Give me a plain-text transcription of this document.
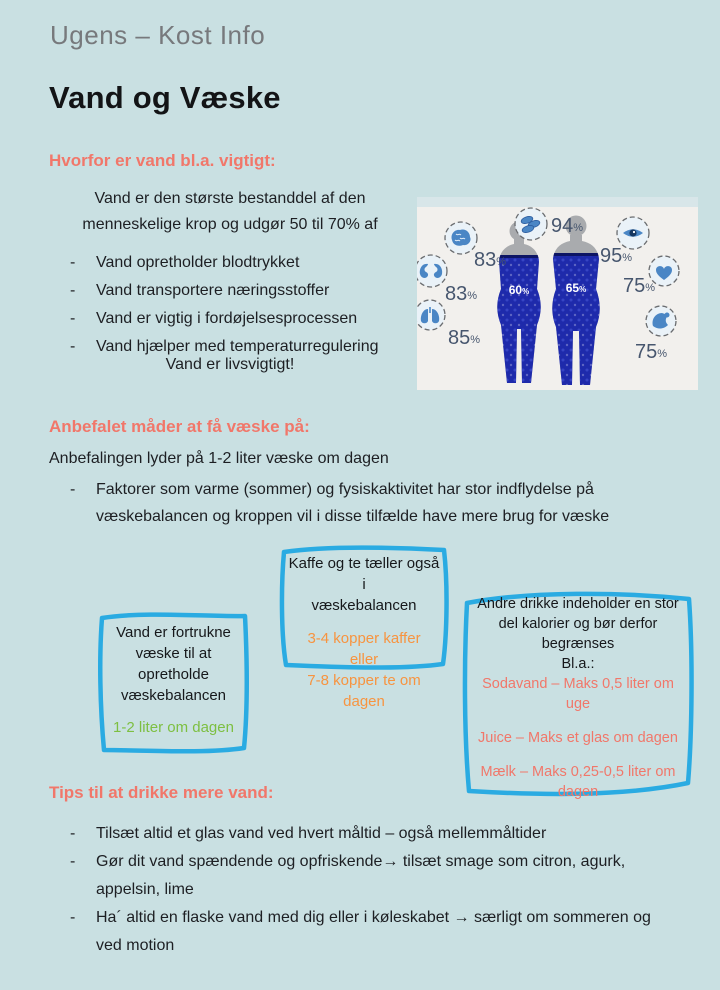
Ugens – Kost Info
Vand og Væske
Hvorfor er vand bl.a. vigtigt:
Vand er den største bestanddel af den
menneskelige krop og udgør 50 til 70% af
-	Vand opretholder blodtrykket
-	Vand transportere næringsstoffer
-	Vand er vigtig i fordøjelsesprocessen
-	Vand hjælper med temperaturregulering
Vand er livsvigtigt!
60%	65%
94%
83%
83%
85%
95%
75%
75%
Anbefalet måder at få væske på:
Anbefalingen lyder på 1-2 liter væske om dagen
-	Faktorer som varme (sommer) og fysiskaktivitet har stor indflydelse på
væskebalancen og kroppen vil i disse tilfælde have mere brug for væske
Vand er fortrukne
væske til at
opretholde
væskebalancen
1-2 liter om dagen
Kaffe og te tæller også i
væskebalancen
3-4 kopper kaffer
eller
7-8 kopper te om dagen
Andre drikke indeholder en stor
del kalorier og bør derfor
begrænses
Bl.a.:
Sodavand – Maks 0,5 liter om uge
Juice – Maks et glas om dagen
Mælk – Maks 0,25-0,5 liter om dagen
Tips til at drikke mere vand:
-	Tilsæt altid et glas vand ved hvert måltid – også mellemmåltider
-	Gør dit vand spændende og opfriskende→ tilsæt smage som citron, agurk,
appelsin, lime
-	Ha´ altid en flaske vand med dig eller i køleskabet → særligt om sommeren og
ved motion
